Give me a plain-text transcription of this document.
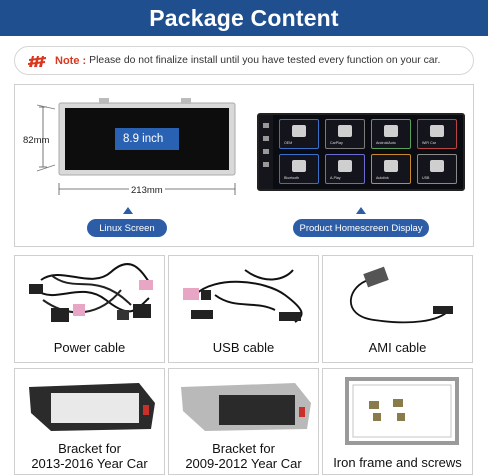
Package Content
Note : Please do not finalize install until you have tested every function on your car.
82mm	8.9 inch
213mm
Linux Screen
OEM	CarPlay	AndroidAuto	WiFi Car
Bluetooth	A-Play	Autolink	USB
Product Homescreen Display
Power cable	USB cable	AMI cable
Bracket for
2013-2016 Year Car
Bracket for
2009-2012 Year Car	Iron frame and screws
